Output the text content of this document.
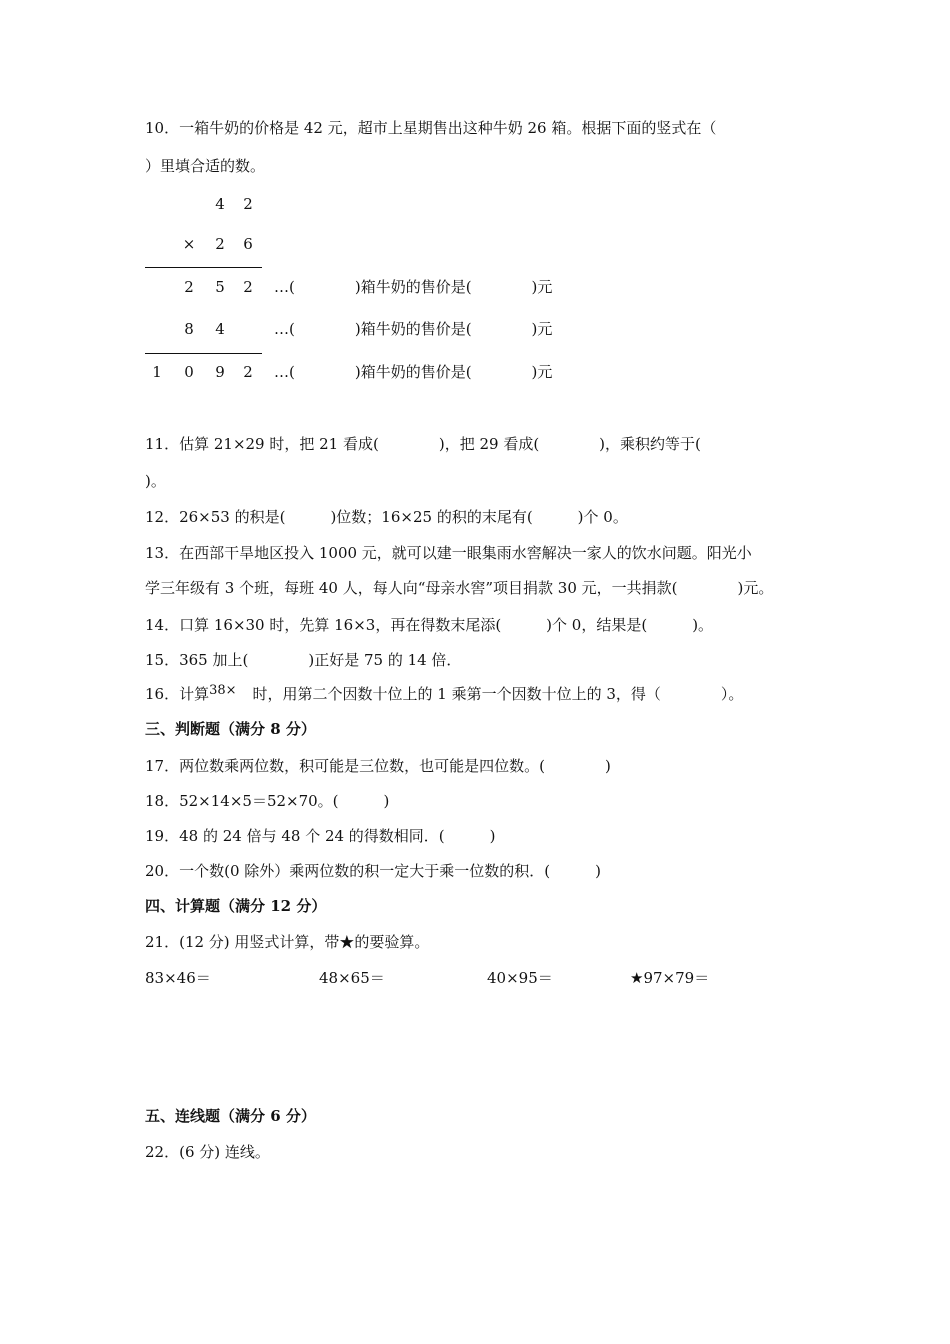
10．一箱牛奶的价格是 42 元，超市上星期售出这种牛奶 26 箱。根据下面的竖式在（
）里填合适的数。
4	2
×	2	6
2	5	2	…(　　　　)箱牛奶的售价是(　　　　)元
8	4	…(　　　　)箱牛奶的售价是(　　　　)元
1	0	9	2	…(　　　　)箱牛奶的售价是(　　　　)元
11．估算 21×29 时，把 21 看成(　　　　)，把 29 看成(　　　　)，乘积约等于(
)。
12．26×53 的积是(　　　)位数；16×25 的积的末尾有(　　　)个 0。
13．在西部干旱地区投入 1000 元，就可以建一眼集雨水窖解决一家人的饮水问题。阳光小
学三年级有 3 个班，每班 40 人，每人向“母亲水窖”项目捐款 30 元，一共捐款(　　　　)元。
14．口算 16×30 时，先算 16×3，再在得数末尾添(　　　)个 0，结果是(　　　)。
15．365 加上(　　　　)正好是 75 的 14 倍．
16．计算38× 时，用第二个因数十位上的 1 乘第一个因数十位上的 3，得（　　　　）。
三、判断题（满分 8 分）
17．两位数乘两位数，积可能是三位数，也可能是四位数。(　　　　)
18．52×14×5＝52×70。(　　　)
19．48 的 24 倍与 48 个 24 的得数相同．(　　　)
20．一个数(0 除外）乘两位数的积一定大于乘一位数的积．(　　　)
四、计算题（满分 12 分）
21．(12 分) 用竖式计算，带★的要验算。
83×46＝	48×65＝	40×95＝	★97×79＝
五、连线题（满分 6 分）
22．(6 分) 连线。
